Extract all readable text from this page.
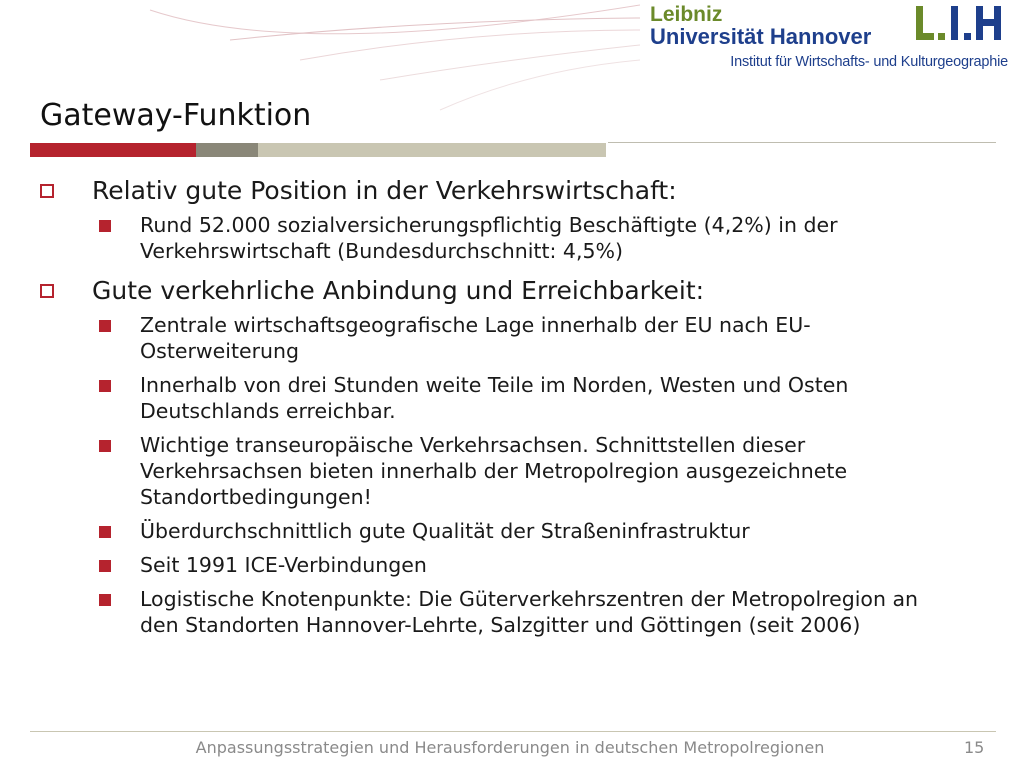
Leibniz
Universität Hannover
Institut für Wirtschafts- und Kulturgeographie
Gateway-Funktion
Relativ gute Position in der Verkehrswirtschaft:
Rund 52.000 sozialversicherungspflichtig Beschäftigte (4,2%) in der Verkehrswirtschaft (Bundesdurchschnitt: 4,5%)
Gute verkehrliche Anbindung und Erreichbarkeit:
Zentrale wirtschaftsgeografische Lage innerhalb der EU nach EU-Osterweiterung
Innerhalb von drei Stunden weite Teile im Norden, Westen und Osten Deutschlands erreichbar.
Wichtige transeuropäische Verkehrsachsen. Schnittstellen dieser Verkehrsachsen bieten innerhalb der Metropolregion ausgezeichnete Standortbedingungen!
Überdurchschnittlich gute Qualität der Straßeninfrastruktur
Seit 1991 ICE-Verbindungen
Logistische Knotenpunkte: Die Güterverkehrszentren der Metropolregion an den Standorten Hannover-Lehrte, Salzgitter und Göttingen (seit 2006)
Anpassungsstrategien und Herausforderungen in deutschen Metropolregionen	15
